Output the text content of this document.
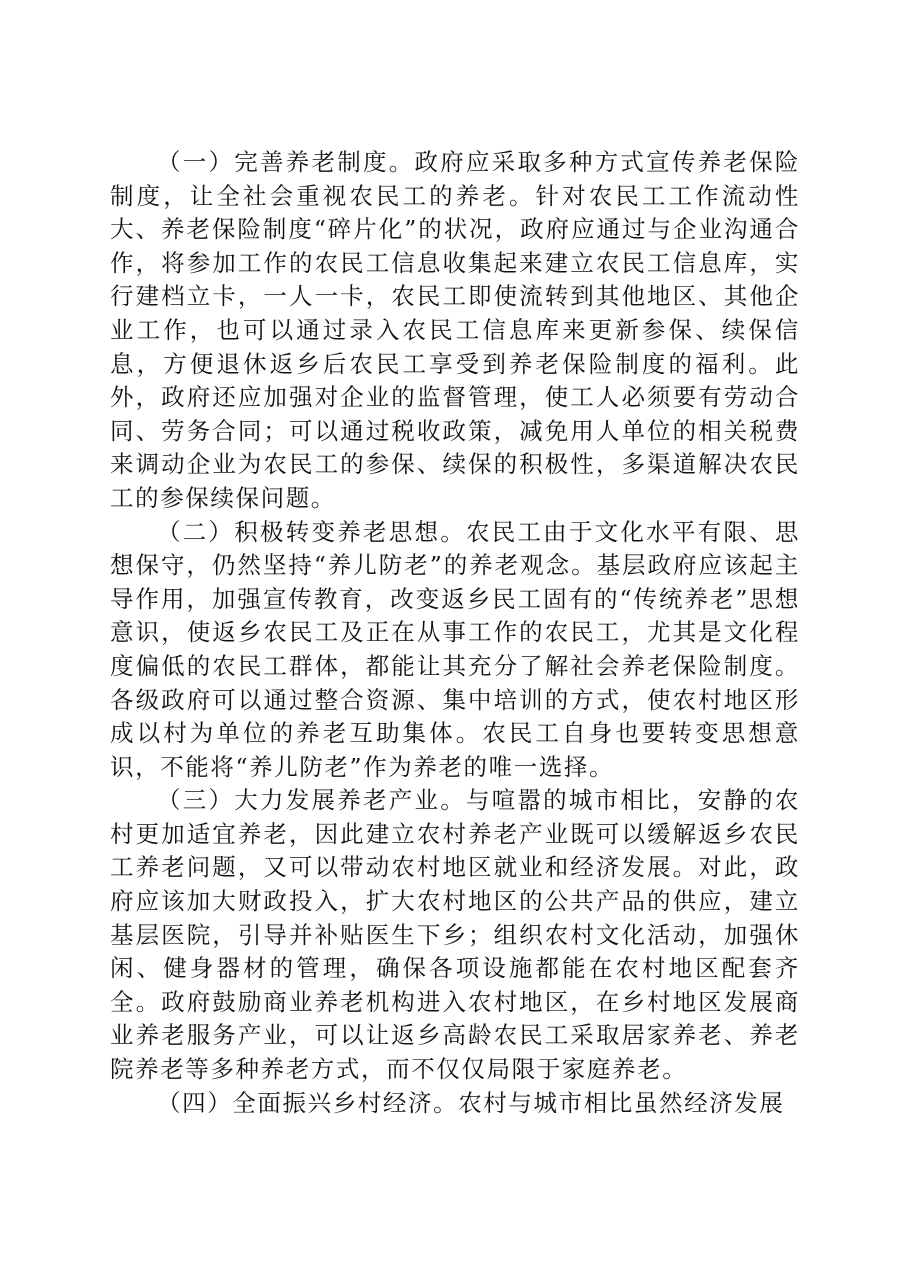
（一）完善养老制度。政府应采取多种方式宣传养老保险制度，让全社会重视农民工的养老。针对农民工工作流动性大、养老保险制度“碎片化”的状况，政府应通过与企业沟通合作，将参加工作的农民工信息收集起来建立农民工信息库，实行建档立卡，一人一卡，农民工即使流转到其他地区、其他企业工作，也可以通过录入农民工信息库来更新参保、续保信息，方便退休返乡后农民工享受到养老保险制度的福利。此外，政府还应加强对企业的监督管理，使工人必须要有劳动合同、劳务合同；可以通过税收政策，减免用人单位的相关税费来调动企业为农民工的参保、续保的积极性，多渠道解决农民工的参保续保问题。

（二）积极转变养老思想。农民工由于文化水平有限、思想保守，仍然坚持“养儿防老”的养老观念。基层政府应该起主导作用，加强宣传教育，改变返乡民工固有的“传统养老”思想意识，使返乡农民工及正在从事工作的农民工，尤其是文化程度偏低的农民工群体，都能让其充分了解社会养老保险制度。各级政府可以通过整合资源、集中培训的方式，使农村地区形成以村为单位的养老互助集体。农民工自身也要转变思想意识，不能将“养儿防老”作为养老的唯一选择。

（三）大力发展养老产业。与喧嚣的城市相比，安静的农村更加适宜养老，因此建立农村养老产业既可以缓解返乡农民工养老问题，又可以带动农村地区就业和经济发展。对此，政府应该加大财政投入，扩大农村地区的公共产品的供应，建立基层医院，引导并补贴医生下乡；组织农村文化活动，加强休闲、健身器材的管理，确保各项设施都能在农村地区配套齐全。政府鼓励商业养老机构进入农村地区，在乡村地区发展商业养老服务产业，可以让返乡高龄农民工采取居家养老、养老院养老等多种养老方式，而不仅仅局限于家庭养老。

（四）全面振兴乡村经济。农村与城市相比虽然经济发展
